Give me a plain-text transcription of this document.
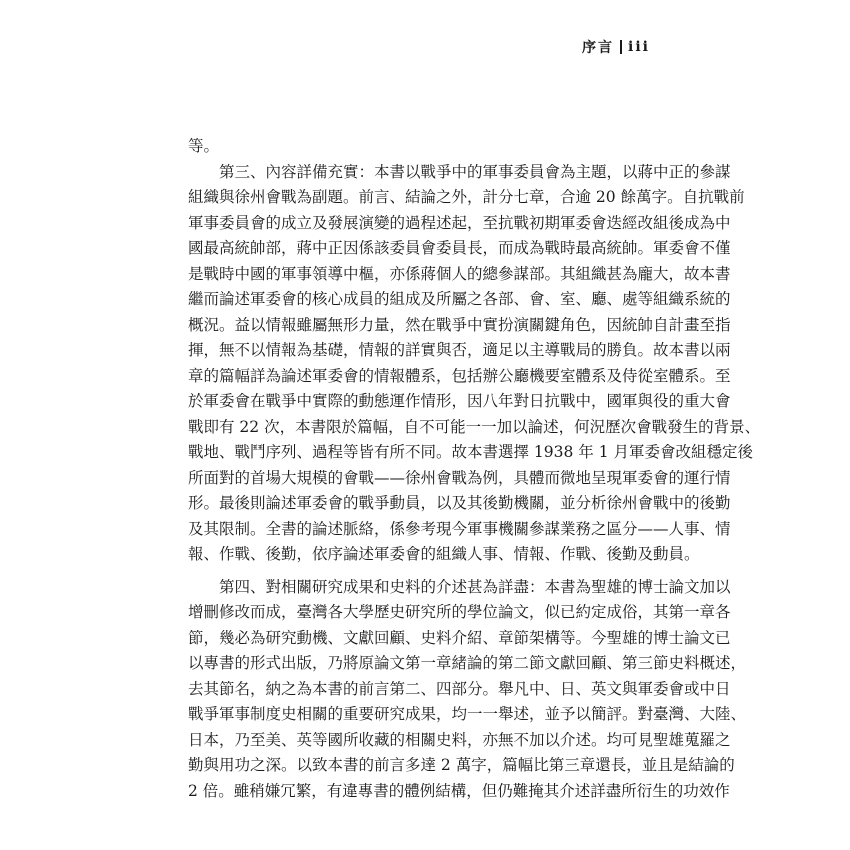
序言 iii
等。
第三、內容詳備充實：本書以戰爭中的軍事委員會為主題，以蔣中正的參謀
組織與徐州會戰為副題。前言、結論之外，計分七章，合逾 20 餘萬字。自抗戰前
軍事委員會的成立及發展演變的過程述起，至抗戰初期軍委會迭經改組後成為中
國最高統帥部，蔣中正因係該委員會委員長，而成為戰時最高統帥。軍委會不僅
是戰時中國的軍事領導中樞，亦係蔣個人的總參謀部。其組織甚為龐大，故本書
繼而論述軍委會的核心成員的組成及所屬之各部、會、室、廳、處等組織系統的
概況。益以情報雖屬無形力量，然在戰爭中實扮演關鍵角色，因統帥自計畫至指
揮，無不以情報為基礎，情報的詳實與否，適足以主導戰局的勝負。故本書以兩
章的篇幅詳為論述軍委會的情報體系，包括辦公廳機要室體系及侍從室體系。至
於軍委會在戰爭中實際的動態運作情形，因八年對日抗戰中，國軍與役的重大會
戰即有 22 次，本書限於篇幅，自不可能一一加以論述，何況歷次會戰發生的背景、
戰地、戰鬥序列、過程等皆有所不同。故本書選擇 1938 年 1 月軍委會改組穩定後
所面對的首場大規模的會戰——徐州會戰為例，具體而微地呈現軍委會的運行情
形。最後則論述軍委會的戰爭動員，以及其後勤機關，並分析徐州會戰中的後勤
及其限制。全書的論述脈絡，係參考現今軍事機關參謀業務之區分——人事、情
報、作戰、後勤，依序論述軍委會的組織人事、情報、作戰、後勤及動員。
第四、對相關研究成果和史料的介述甚為詳盡：本書為聖雄的博士論文加以
增刪修改而成，臺灣各大學歷史研究所的學位論文，似已約定成俗，其第一章各
節，幾必為研究動機、文獻回顧、史料介紹、章節架構等。今聖雄的博士論文已
以專書的形式出版，乃將原論文第一章緒論的第二節文獻回顧、第三節史料概述，
去其節名，納之為本書的前言第二、四部分。舉凡中、日、英文與軍委會或中日
戰爭軍事制度史相關的重要研究成果，均一一舉述，並予以簡評。對臺灣、大陸、
日本，乃至美、英等國所收藏的相關史料，亦無不加以介述。均可見聖雄蒐羅之
勤與用功之深。以致本書的前言多達 2 萬字，篇幅比第三章還長，並且是結論的
2 倍。雖稍嫌冗繁，有違專書的體例結構，但仍難掩其介述詳盡所衍生的功效作
